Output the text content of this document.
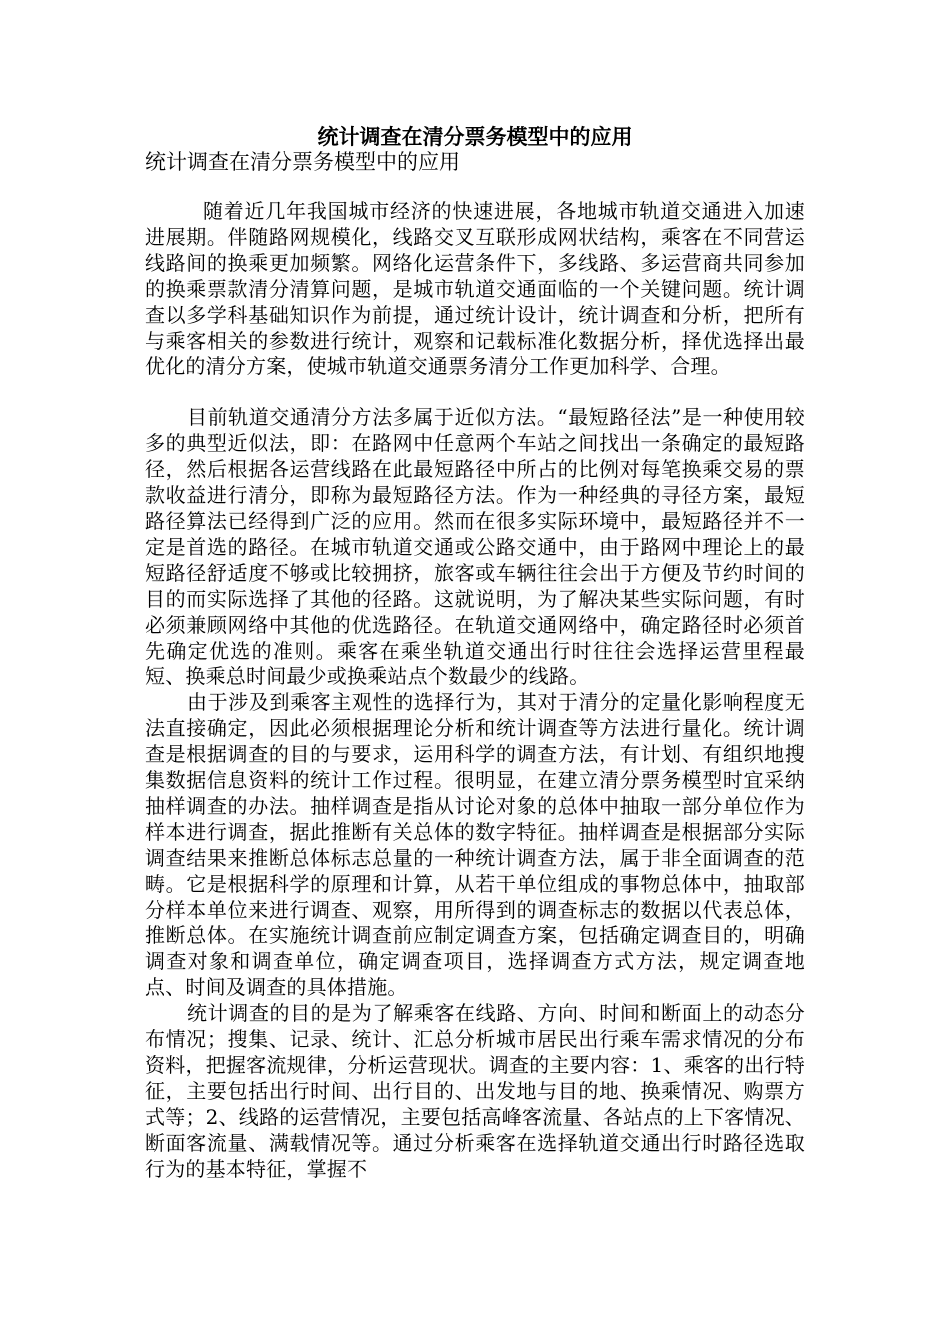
统计调查在清分票务模型中的应用

统计调查在清分票务模型中的应用

随着近几年我国城市经济的快速进展，各地城市轨道交通进入加速进展期。伴随路网规模化，线路交叉互联形成网状结构，乘客在不同营运线路间的换乘更加频繁。网络化运营条件下，多线路、多运营商共同参加的换乘票款清分清算问题，是城市轨道交通面临的一个关键问题。统计调查以多学科基础知识作为前提，通过统计设计，统计调查和分析，把所有与乘客相关的参数进行统计，观察和记载标准化数据分析，择优选择出最优化的清分方案，使城市轨道交通票务清分工作更加科学、合理。

目前轨道交通清分方法多属于近似方法。“最短路径法”是一种使用较多的典型近似法，即：在路网中任意两个车站之间找出一条确定的最短路径，然后根据各运营线路在此最短路径中所占的比例对每笔换乘交易的票款收益进行清分，即称为最短路径方法。作为一种经典的寻径方案，最短路径算法已经得到广泛的应用。然而在很多实际环境中，最短路径并不一定是首选的路径。在城市轨道交通或公路交通中，由于路网中理论上的最短路径舒适度不够或比较拥挤，旅客或车辆往往会出于方便及节约时间的目的而实际选择了其他的径路。这就说明，为了解决某些实际问题，有时必须兼顾网络中其他的优选路径。在轨道交通网络中，确定路径时必须首先确定优选的准则。乘客在乘坐轨道交通出行时往往会选择运营里程最短、换乘总时间最少或换乘站点个数最少的线路。

由于涉及到乘客主观性的选择行为，其对于清分的定量化影响程度无法直接确定，因此必须根据理论分析和统计调查等方法进行量化。统计调查是根据调查的目的与要求，运用科学的调查方法，有计划、有组织地搜集数据信息资料的统计工作过程。很明显，在建立清分票务模型时宜采纳抽样调查的办法。抽样调查是指从讨论对象的总体中抽取一部分单位作为样本进行调查，据此推断有关总体的数字特征。抽样调查是根据部分实际调查结果来推断总体标志总量的一种统计调查方法，属于非全面调查的范畴。它是根据科学的原理和计算，从若干单位组成的事物总体中，抽取部分样本单位来进行调查、观察，用所得到的调查标志的数据以代表总体，推断总体。在实施统计调查前应制定调查方案，包括确定调查目的，明确调查对象和调查单位，确定调查项目，选择调查方式方法，规定调查地点、时间及调查的具体措施。

统计调查的目的是为了解乘客在线路、方向、时间和断面上的动态分布情况；搜集、记录、统计、汇总分析城市居民出行乘车需求情况的分布资料，把握客流规律，分析运营现状。调查的主要内容：1、乘客的出行特征，主要包括出行时间、出行目的、出发地与目的地、换乘情况、购票方式等；2、线路的运营情况，主要包括高峰客流量、各站点的上下客情况、断面客流量、满载情况等。通过分析乘客在选择轨道交通出行时路径选取行为的基本特征，掌握不
